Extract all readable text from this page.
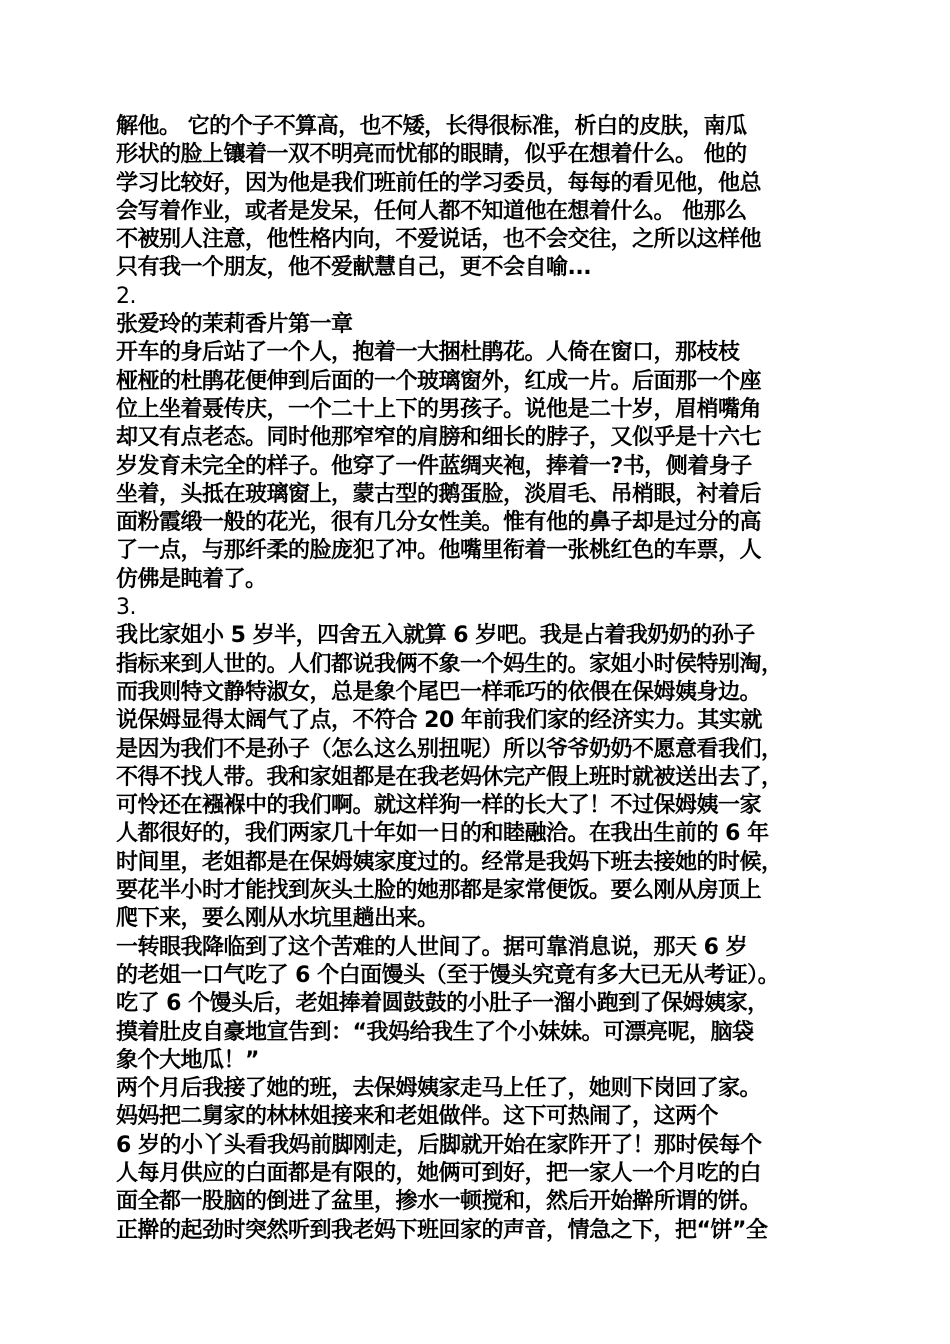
解他。 它的个子不算高，也不矮，长得很标准，析白的皮肤，南瓜
形状的脸上镶着一双不明亮而忧郁的眼睛，似乎在想着什么。 他的
学习比较好，因为他是我们班前任的学习委员，每每的看见他，他总
会写着作业，或者是发呆，任何人都不知道他在想着什么。 他那么
不被别人注意，他性格内向，不爱说话，也不会交往，之所以这样他
只有我一个朋友，他不爱献慧自己，更不会自喻...
2.
张爱玲的茉莉香片第一章
开车的身后站了一个人，抱着一大捆杜鹃花。人倚在窗口，那枝枝
桠桠的杜鹃花便伸到后面的一个玻璃窗外，红成一片。后面那一个座
位上坐着聂传庆，一个二十上下的男孩子。说他是二十岁，眉梢嘴角
却又有点老态。同时他那窄窄的肩膀和细长的脖子，又似乎是十六七
岁发育未完全的样子。他穿了一件蓝绸夹袍，捧着一?书，侧着身子
坐着，头抵在玻璃窗上，蒙古型的鹅蛋脸，淡眉毛、吊梢眼，衬着后
面粉霞缎一般的花光，很有几分女性美。惟有他的鼻子却是过分的高
了一点，与那纤柔的脸庞犯了冲。他嘴里衔着一张桃红色的车票，人
仿佛是盹着了。
3.
我比家姐小 5 岁半，四舍五入就算 6 岁吧。我是占着我奶奶的孙子
指标来到人世的。人们都说我俩不象一个妈生的。家姐小时侯特别淘，
而我则特文静特淑女，总是象个尾巴一样乖巧的依偎在保姆姨身边。
说保姆显得太阔气了点，不符合 20 年前我们家的经济实力。其实就
是因为我们不是孙子（怎么这么别扭呢）所以爷爷奶奶不愿意看我们，
不得不找人带。我和家姐都是在我老妈休完产假上班时就被送出去了，
可怜还在襁褓中的我们啊。就这样狗一样的长大了！不过保姆姨一家
人都很好的，我们两家几十年如一日的和睦融洽。在我出生前的 6 年
时间里，老姐都是在保姆姨家度过的。经常是我妈下班去接她的时候，
要花半小时才能找到灰头土脸的她那都是家常便饭。要么刚从房顶上
爬下来，要么刚从水坑里趟出来。
一转眼我降临到了这个苦难的人世间了。据可靠消息说，那天 6 岁
的老姐一口气吃了 6 个白面馒头（至于馒头究竟有多大已无从考证）。
吃了 6 个馒头后，老姐捧着圆鼓鼓的小肚子一溜小跑到了保姆姨家，
摸着肚皮自豪地宣告到：“我妈给我生了个小妹妹。可漂亮呢，脑袋
象个大地瓜！”
两个月后我接了她的班，去保姆姨家走马上任了，她则下岗回了家。
妈妈把二舅家的林林姐接来和老姐做伴。这下可热闹了，这两个
6 岁的小丫头看我妈前脚刚走，后脚就开始在家阼开了！那时侯每个
人每月供应的白面都是有限的，她俩可到好，把一家人一个月吃的白
面全都一股脑的倒进了盆里，掺水一顿搅和，然后开始擀所谓的饼。
正擀的起劲时突然听到我老妈下班回家的声音，情急之下，把“饼”全
